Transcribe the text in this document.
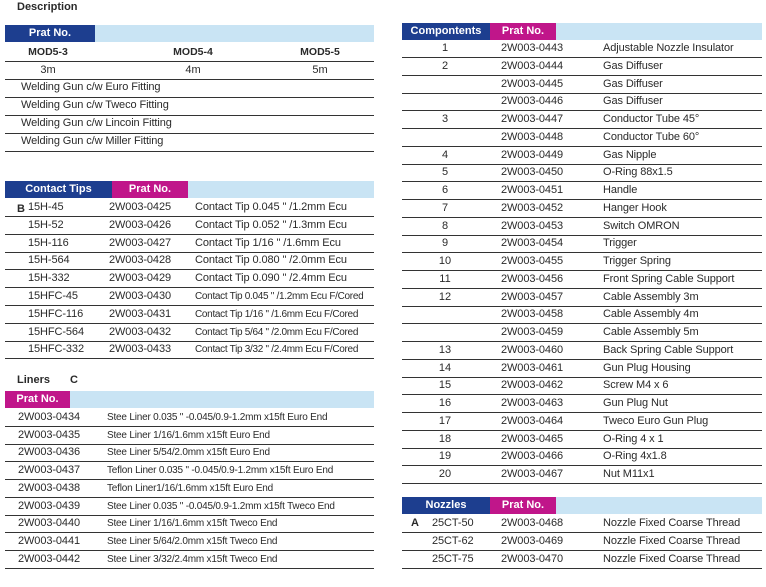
Description
Prat No.
MOD5-3	MOD5-4	MOD5-5
3m	4m	5m
Welding Gun c/w Euro Fitting
Welding Gun c/w Tweco Fitting
Welding Gun c/w Lincoin Fitting
Welding Gun c/w Miller Fitting
Contact Tips	Prat No.
B 15H-45	2W003-0425 Contact Tip 0.045 " /1.2mm Ecu
15H-52	2W003-0426 Contact Tip 0.052 " /1.3mm Ecu
15H-116	2W003-0427 Contact Tip 1/16 " /1.6mm Ecu
15H-564	2W003-0428 Contact Tip 0.080 " /2.0mm Ecu
15H-332	2W003-0429 Contact Tip 0.090 " /2.4mm Ecu
15HFC-45	2W003-0430 Contact Tip 0.045 " /1.2mm Ecu F/Cored
15HFC-116 2W003-0431 Contact Tip 1/16 " /1.6mm Ecu F/Cored
15HFC-564 2W003-0432 Contact Tip 5/64 " /2.0mm Ecu F/Cored
15HFC-332 2W003-0433 Contact Tip 3/32 " /2.4mm Ecu F/Cored
Liners C
Prat No.
2W003-0434	Stee Liner 0.035 " -0.045/0.9-1.2mm x15ft Euro End
2W003-0435	Stee Liner 1/16/1.6mm x15ft Euro End
2W003-0436	Stee Liner 5/54/2.0mm x15ft Euro End
2W003-0437	Teflon Liner 0.035 " -0.045/0.9-1.2mm x15ft Euro End
2W003-0438	Teflon Liner1/16/1.6mm x15ft Euro End
2W003-0439	Stee Liner 0.035 " -0.045/0.9-1.2mm x15ft Tweco End
2W003-0440	Stee Liner 1/16/1.6mm x15ft Tweco End
2W003-0441	Stee Liner 5/64/2.0mm x15ft Tweco End
2W003-0442	Stee Liner 3/32/2.4mm x15ft Tweco End
Compontents	Prat No.
1	2W003-0443	Adjustable Nozzle Insulator
2	2W003-0444	Gas Diffuser
2W003-0445	Gas Diffuser
2W003-0446	Gas Diffuser
3	2W003-0447	Conductor Tube 45°
2W003-0448	Conductor Tube 60°
4	2W003-0449	Gas Nipple
5	2W003-0450	O-Ring 88x1.5
6	2W003-0451	Handle
7	2W003-0452	Hanger Hook
8	2W003-0453	Switch OMRON
9	2W003-0454	Trigger
10	2W003-0455	Trigger Spring
11	2W003-0456	Front Spring Cable Support
12	2W003-0457	Cable Assembly 3m
2W003-0458	Cable Assembly 4m
2W003-0459	Cable Assembly 5m
13	2W003-0460	Back Spring Cable Support
14	2W003-0461	Gun Plug Housing
15	2W003-0462	Screw M4 x 6
16	2W003-0463	Gun Plug Nut
17	2W003-0464	Tweco Euro Gun Plug
18	2W003-0465	O-Ring 4 x 1
19	2W003-0466	O-Ring 4x1.8
20	2W003-0467	Nut M11x1
Nozzles	Prat No.
A 25CT-50	2W003-0468	Nozzle Fixed Coarse Thread
25CT-62	2W003-0469	Nozzle Fixed Coarse Thread
25CT-75	2W003-0470	Nozzle Fixed Coarse Thread
